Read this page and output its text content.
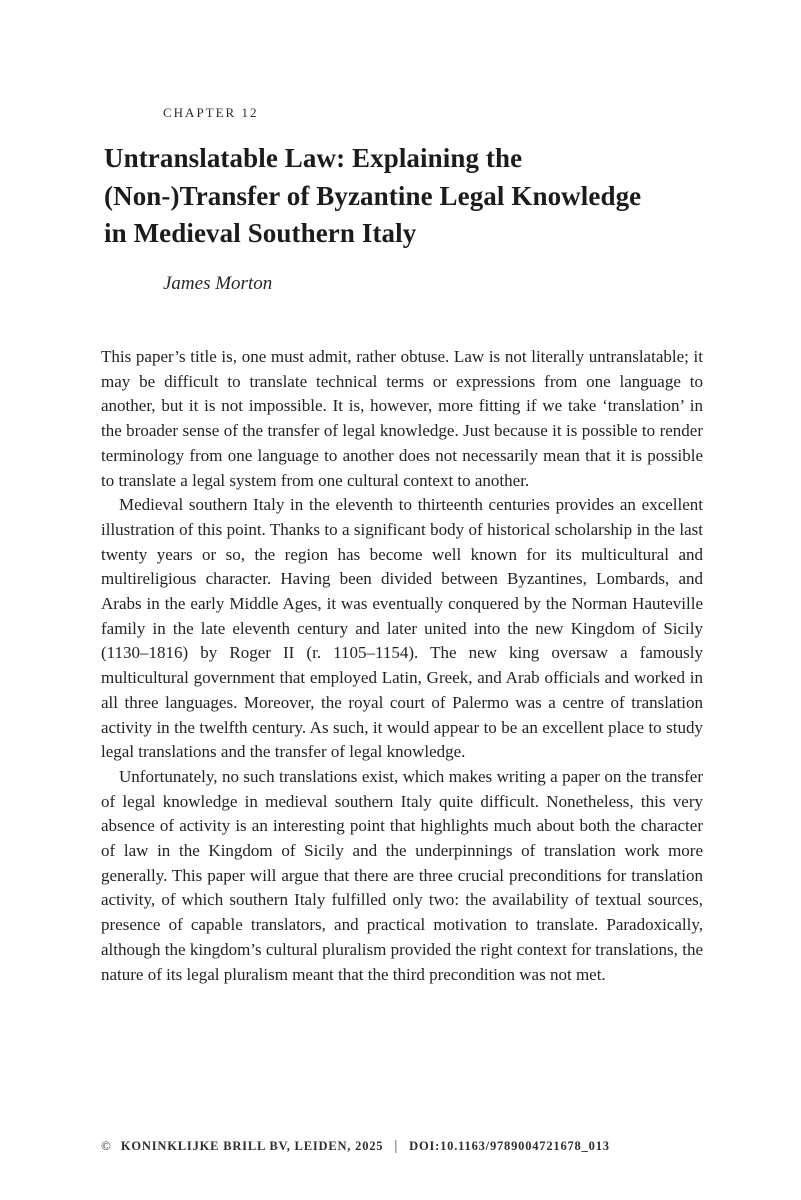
CHAPTER 12
Untranslatable Law: Explaining the
(Non-)Transfer of Byzantine Legal Knowledge
in Medieval Southern Italy
James Morton

This paper’s title is, one must admit, rather obtuse. Law is not literally untranslatable; it may be difficult to translate technical terms or expressions from one language to another, but it is not impossible. It is, however, more fitting if we take ‘translation’ in the broader sense of the transfer of legal knowledge. Just because it is possible to render terminology from one language to another does not necessarily mean that it is possible to translate a legal system from one cultural context to another.

Medieval southern Italy in the eleventh to thirteenth centuries provides an excellent illustration of this point. Thanks to a significant body of historical scholarship in the last twenty years or so, the region has become well known for its multicultural and multireligious character. Having been divided between Byzantines, Lombards, and Arabs in the early Middle Ages, it was eventually conquered by the Norman Hauteville family in the late eleventh century and later united into the new Kingdom of Sicily (1130–1816) by Roger II (r. 1105–1154). The new king oversaw a famously multicultural government that employed Latin, Greek, and Arab officials and worked in all three languages. Moreover, the royal court of Palermo was a centre of translation activity in the twelfth century. As such, it would appear to be an excellent place to study legal translations and the transfer of legal knowledge.

Unfortunately, no such translations exist, which makes writing a paper on the transfer of legal knowledge in medieval southern Italy quite difficult. Nonetheless, this very absence of activity is an interesting point that highlights much about both the character of law in the Kingdom of Sicily and the underpinnings of translation work more generally. This paper will argue that there are three crucial preconditions for translation activity, of which southern Italy fulfilled only two: the availability of textual sources, presence of capable translators, and practical motivation to translate. Paradoxically, although the kingdom’s cultural pluralism provided the right context for translations, the nature of its legal pluralism meant that the third precondition was not met.

© KONINKLIJKE BRILL BV, LEIDEN, 2025 | DOI:10.1163/9789004721678_013
